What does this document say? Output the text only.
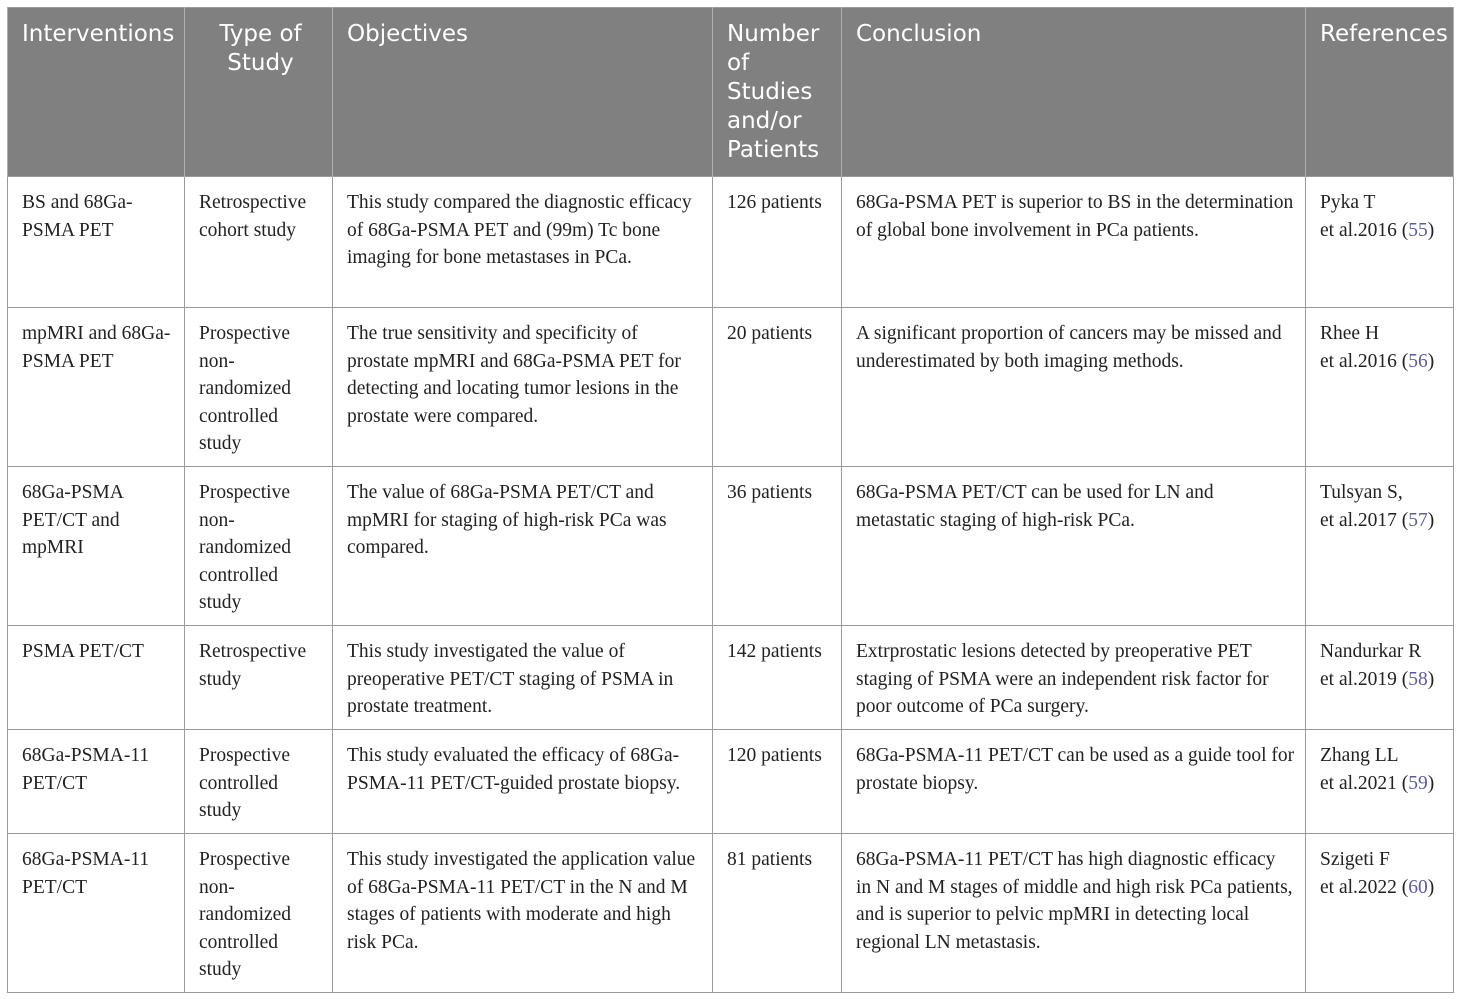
Interventions	Type of Study	Objectives	Number of Studies and/or Patients	Conclusion	References
BS and 68Ga-PSMA PET	Retrospective cohort study	This study compared the diagnostic efficacy of 68Ga-PSMA PET and (99m) Tc bone imaging for bone metastases in PCa.	126 patients	68Ga-PSMA PET is superior to BS in the determination of global bone involvement in PCa patients.	Pyka T
et al.2016 (55)
mpMRI and 68Ga-PSMA PET	Prospective non-randomized controlled study	The true sensitivity and specificity of prostate mpMRI and 68Ga-PSMA PET for detecting and locating tumor lesions in the prostate were compared.	20 patients	A significant proportion of cancers may be missed and underestimated by both imaging methods.	Rhee H
et al.2016 (56)
68Ga-PSMA PET/CT and mpMRI	Prospective non-randomized controlled study	The value of 68Ga-PSMA PET/CT and mpMRI for staging of high-risk PCa was compared.	36 patients	68Ga-PSMA PET/CT can be used for LN and metastatic staging of high-risk PCa.	Tulsyan S,
et al.2017 (57)
PSMA PET/CT	Retrospective study	This study investigated the value of preoperative PET/CT staging of PSMA in prostate treatment.	142 patients	Extrprostatic lesions detected by preoperative PET staging of PSMA were an independent risk factor for poor outcome of PCa surgery.	Nandurkar R
et al.2019 (58)
68Ga-PSMA-11 PET/CT	Prospective controlled study	This study evaluated the efficacy of 68Ga-PSMA-11 PET/CT-guided prostate biopsy.	120 patients	68Ga-PSMA-11 PET/CT can be used as a guide tool for prostate biopsy.	Zhang LL
et al.2021 (59)
68Ga-PSMA-11 PET/CT	Prospective non-randomized controlled study	This study investigated the application value of 68Ga-PSMA-11 PET/CT in the N and M stages of patients with moderate and high risk PCa.	81 patients	68Ga-PSMA-11 PET/CT has high diagnostic efficacy in N and M stages of middle and high risk PCa patients, and is superior to pelvic mpMRI in detecting local regional LN metastasis.	Szigeti F
et al.2022 (60)
